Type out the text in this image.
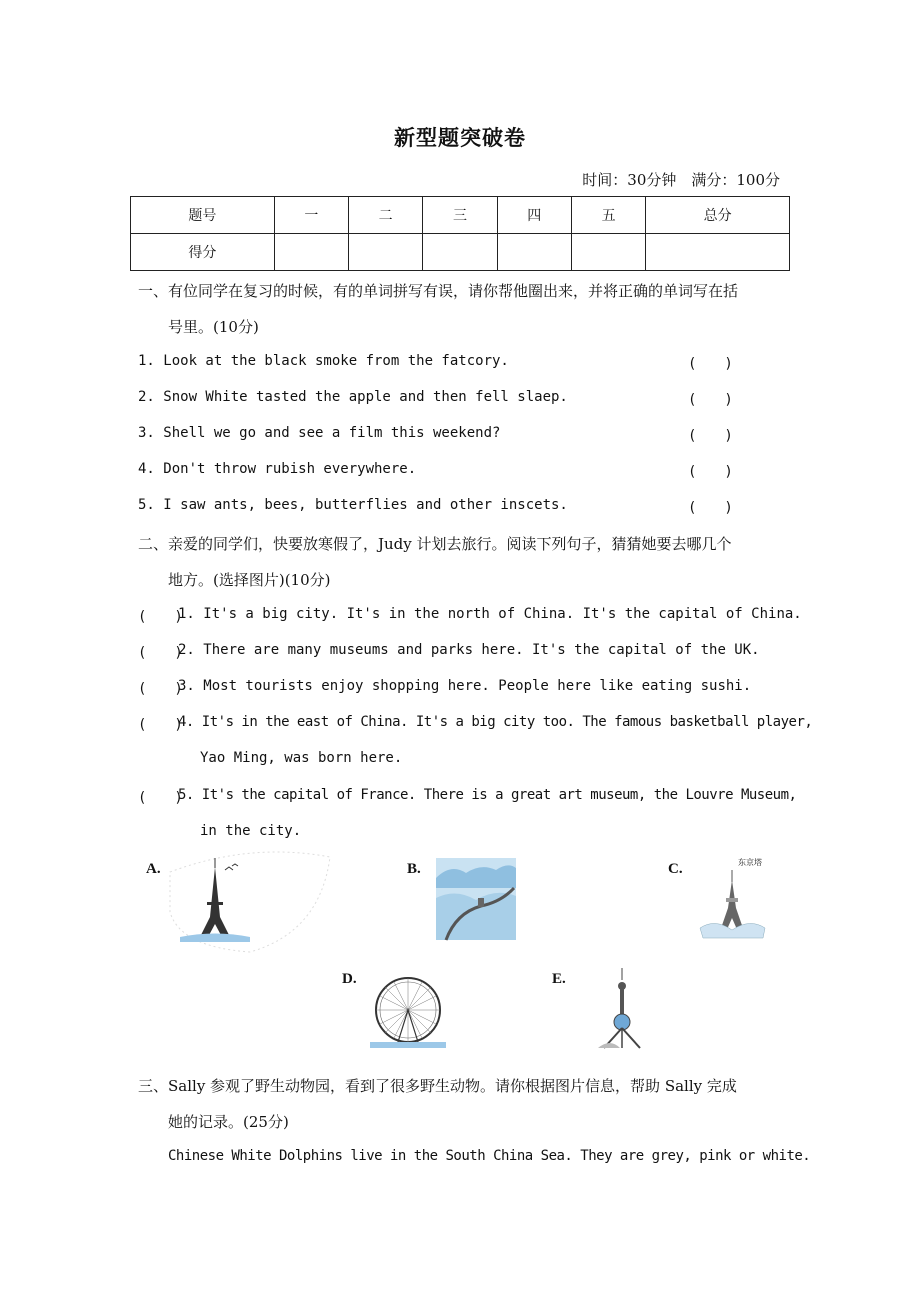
新型题突破卷
时间：30分钟　满分：100分
题号	一	二	三	四	五	总分
得分						
一、有位同学在复习的时候，有的单词拼写有误，请你帮他圈出来，并将正确的单词写在括
号里。(10分)
1. Look at the black smoke from the fatcory.	(　　)
2. Snow White tasted the apple and then fell slaep.	(　　)
3. Shell we go and see a film this weekend?	(　　)
4. Don't throw rubish everywhere.	(　　)
5. I saw ants, bees, butterflies and other inscets.	(　　)
二、亲爱的同学们，快要放寒假了，Judy 计划去旅行。阅读下列句子，猜猜她要去哪几个
地方。(选择图片)(10分)
(　　)
1. It's a big city. It's in the north of China. It's the capital of China.
(　　)
2. There are many museums and parks here. It's the capital of the UK.
(　　)
3. Most tourists enjoy shopping here. People here like eating sushi.
(　　)
4. It's in the east of China. It's a big city too. The famous basketball player,
Yao Ming, was born here.
(　　)
5. It's the capital of France. There is a great art museum, the Louvre Museum,
in the city.
A.	B.	C.	东京塔
D.	E.
三、Sally 参观了野生动物园，看到了很多野生动物。请你根据图片信息，帮助 Sally 完成
她的记录。(25分)
Chinese White Dolphins live in the South China Sea. They are grey, pink or white.
